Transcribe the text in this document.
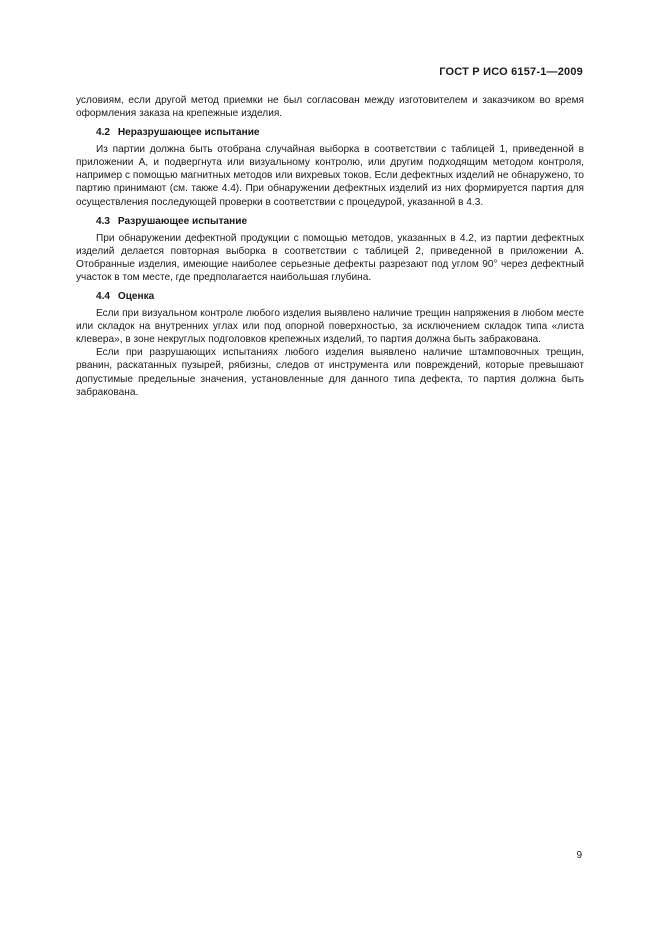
ГОСТ Р ИСО 6157-1—2009

условиям, если другой метод приемки не был согласован между изготовителем и заказчиком во время оформления заказа на крепежные изделия.

4.2 Неразрушающее испытание

Из партии должна быть отобрана случайная выборка в соответствии с таблицей 1, приведенной в приложении А, и подвергнута или визуальному контролю, или другим подходящим методом контроля, например с помощью магнитных методов или вихревых токов. Если дефектных изделий не обнаружено, то партию принимают (см. также 4.4). При обнаружении дефектных изделий из них формируется партия для осуществления последующей проверки в соответствии с процедурой, указанной в 4.3.

4.3 Разрушающее испытание

При обнаружении дефектной продукции с помощью методов, указанных в 4.2, из партии дефектных изделий делается повторная выборка в соответствии с таблицей 2, приведенной в приложении А. Отобранные изделия, имеющие наиболее серьезные дефекты разрезают под углом 90° через дефектный участок в том месте, где предполагается наибольшая глубина.

4.4 Оценка

Если при визуальном контроле любого изделия выявлено наличие трещин напряжения в любом месте или складок на внутренних углах или под опорной поверхностью, за исключением складок типа «листа клевера», в зоне некруглых подголовков крепежных изделий, то партия должна быть забракована.

Если при разрушающих испытаниях любого изделия выявлено наличие штамповочных трещин, рванин, раскатанных пузырей, рябизны, следов от инструмента или повреждений, которые превышают допустимые предельные значения, установленные для данного типа дефекта, то партия должна быть забракована.

9
